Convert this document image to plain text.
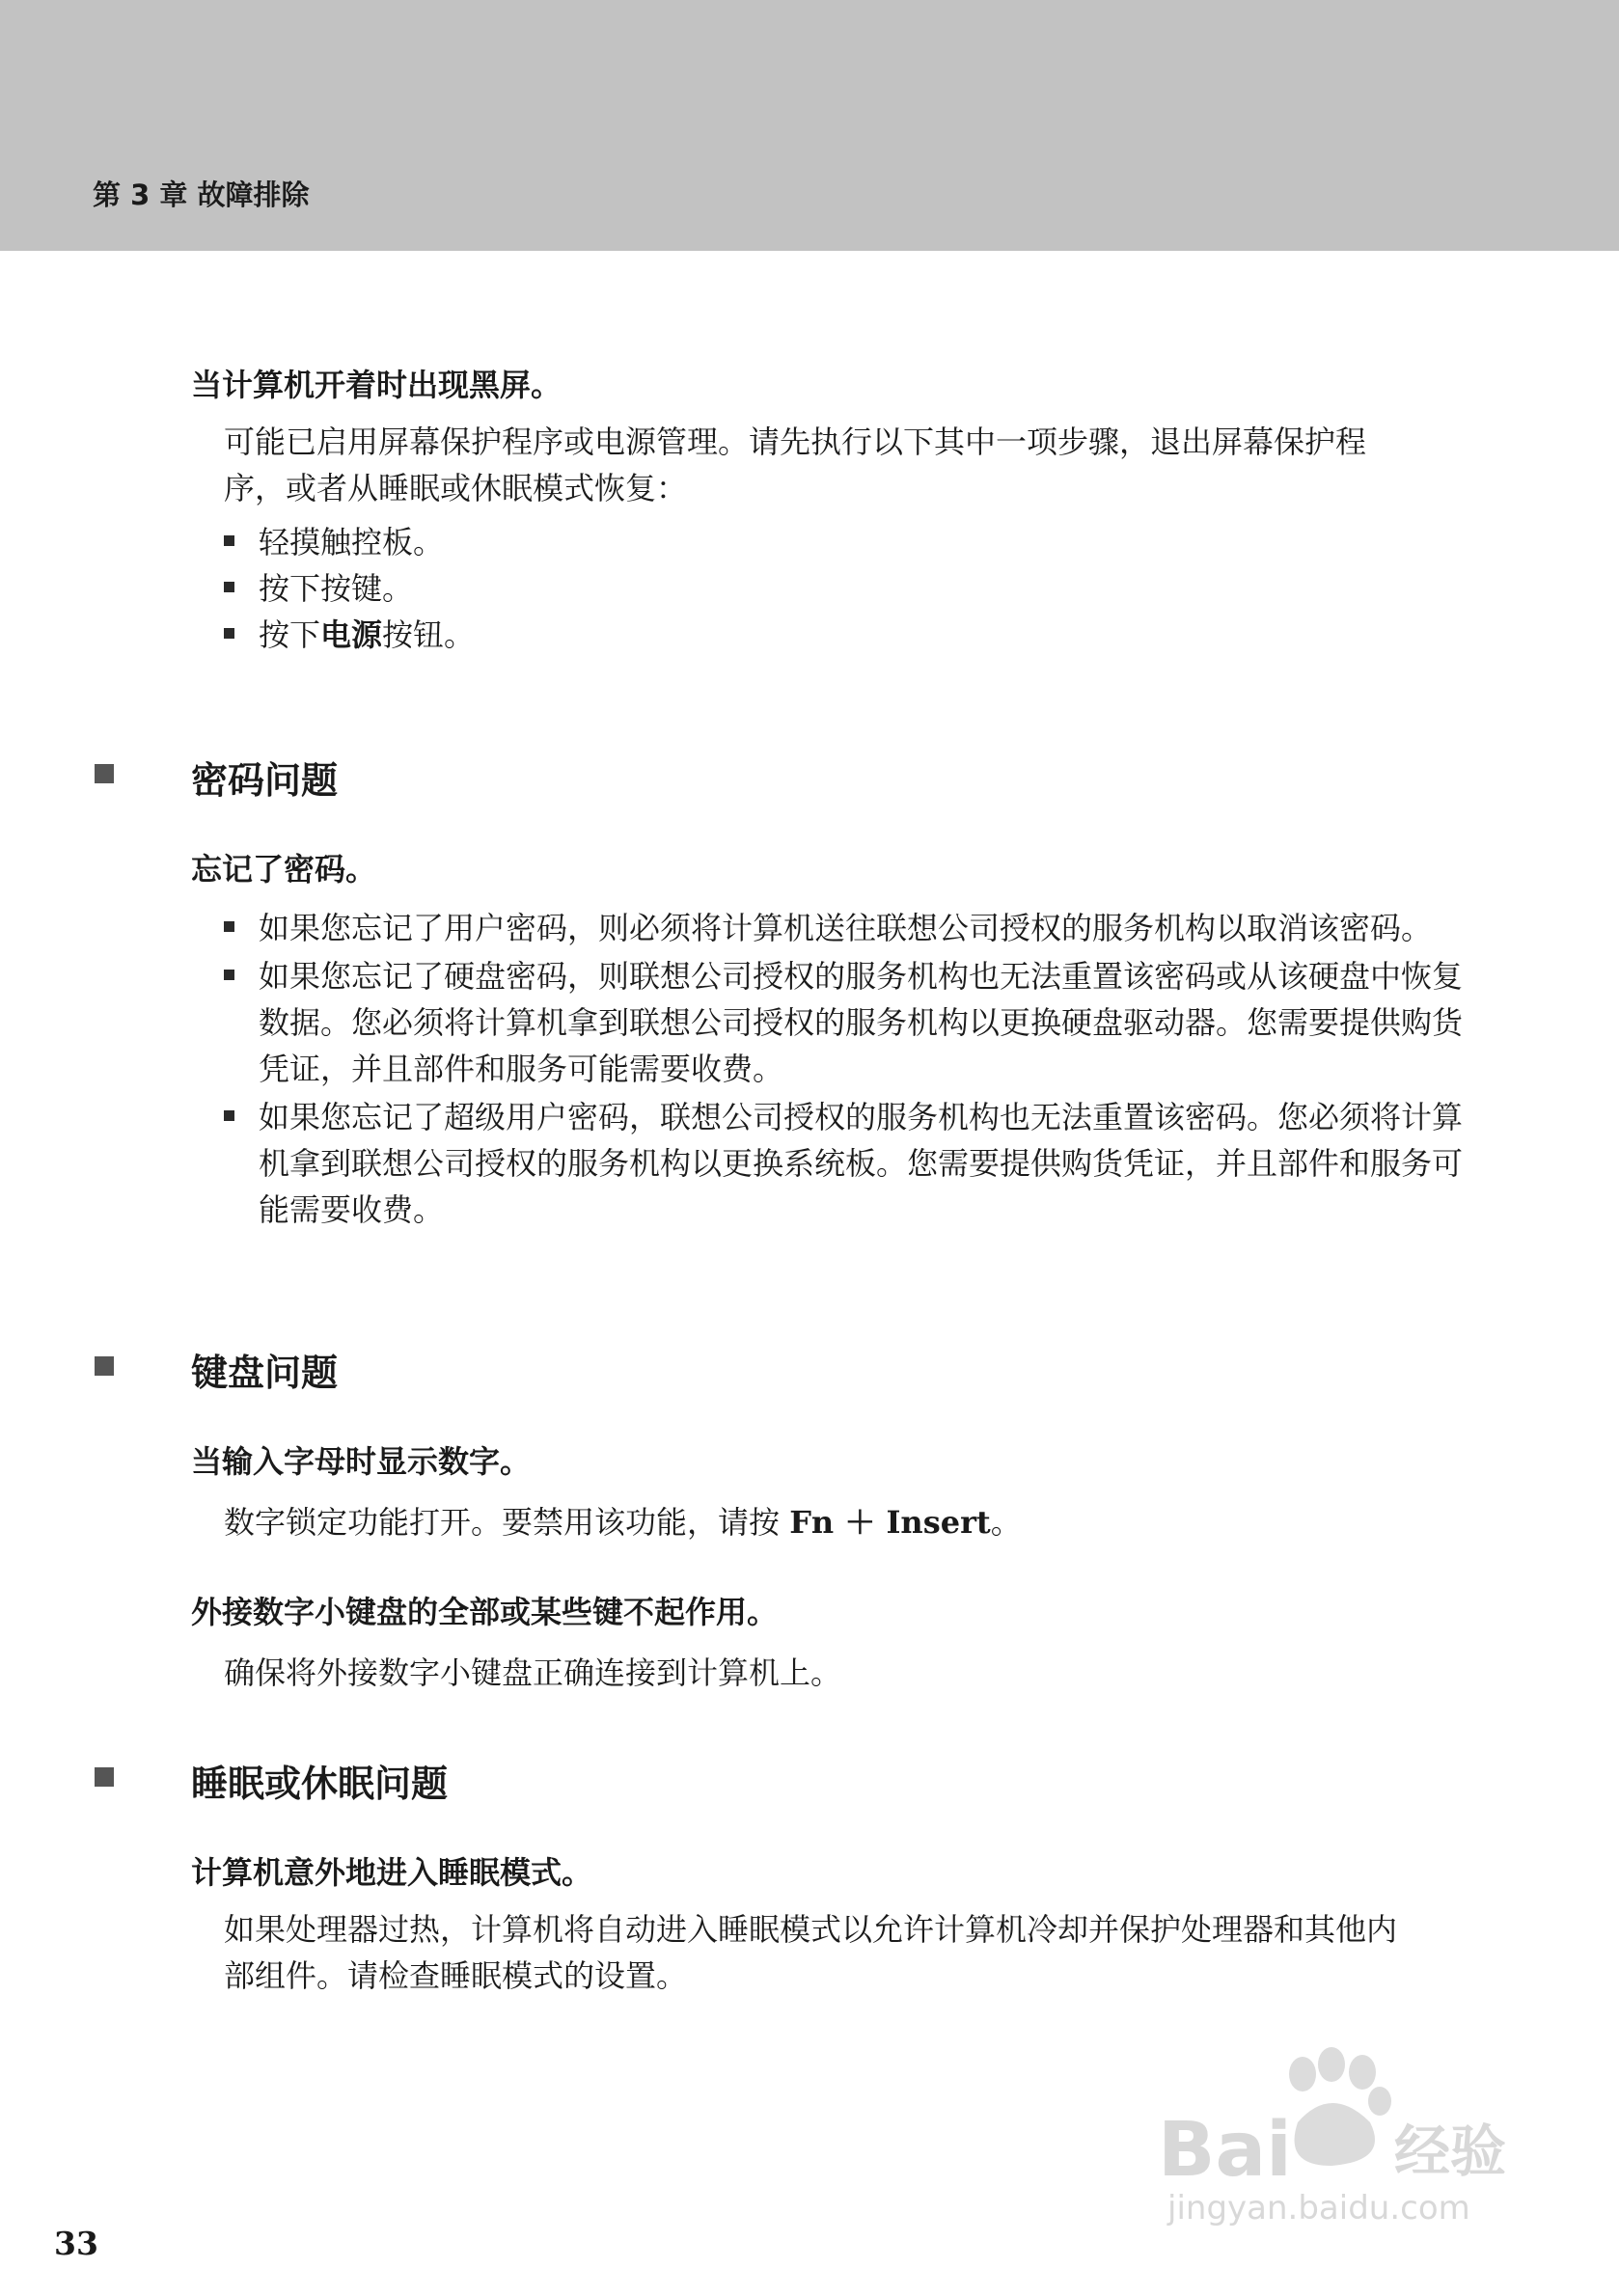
第 3 章 故障排除
当计算机开着时出现黑屏。
可能已启用屏幕保护程序或电源管理。请先执行以下其中一项步骤，退出屏幕保护程
序，或者从睡眠或休眠模式恢复：
轻摸触控板。
按下按键。
按下电源按钮。
密码问题
忘记了密码。
如果您忘记了用户密码，则必须将计算机送往联想公司授权的服务机构以取消该密码。
如果您忘记了硬盘密码，则联想公司授权的服务机构也无法重置该密码或从该硬盘中恢复数据。您必须将计算机拿到联想公司授权的服务机构以更换硬盘驱动器。您需要提供购货凭证，并且部件和服务可能需要收费。
如果您忘记了超级用户密码，联想公司授权的服务机构也无法重置该密码。您必须将计算机拿到联想公司授权的服务机构以更换系统板。您需要提供购货凭证，并且部件和服务可能需要收费。
键盘问题
当输入字母时显示数字。
数字锁定功能打开。要禁用该功能，请按 Fn ＋ Insert。
外接数字小键盘的全部或某些键不起作用。
确保将外接数字小键盘正确连接到计算机上。
睡眠或休眠问题
计算机意外地进入睡眠模式。
如果处理器过热，计算机将自动进入睡眠模式以允许计算机冷却并保护处理器和其他内
部组件。请检查睡眠模式的设置。
Bai 经验
jingyan.baidu.com
33
